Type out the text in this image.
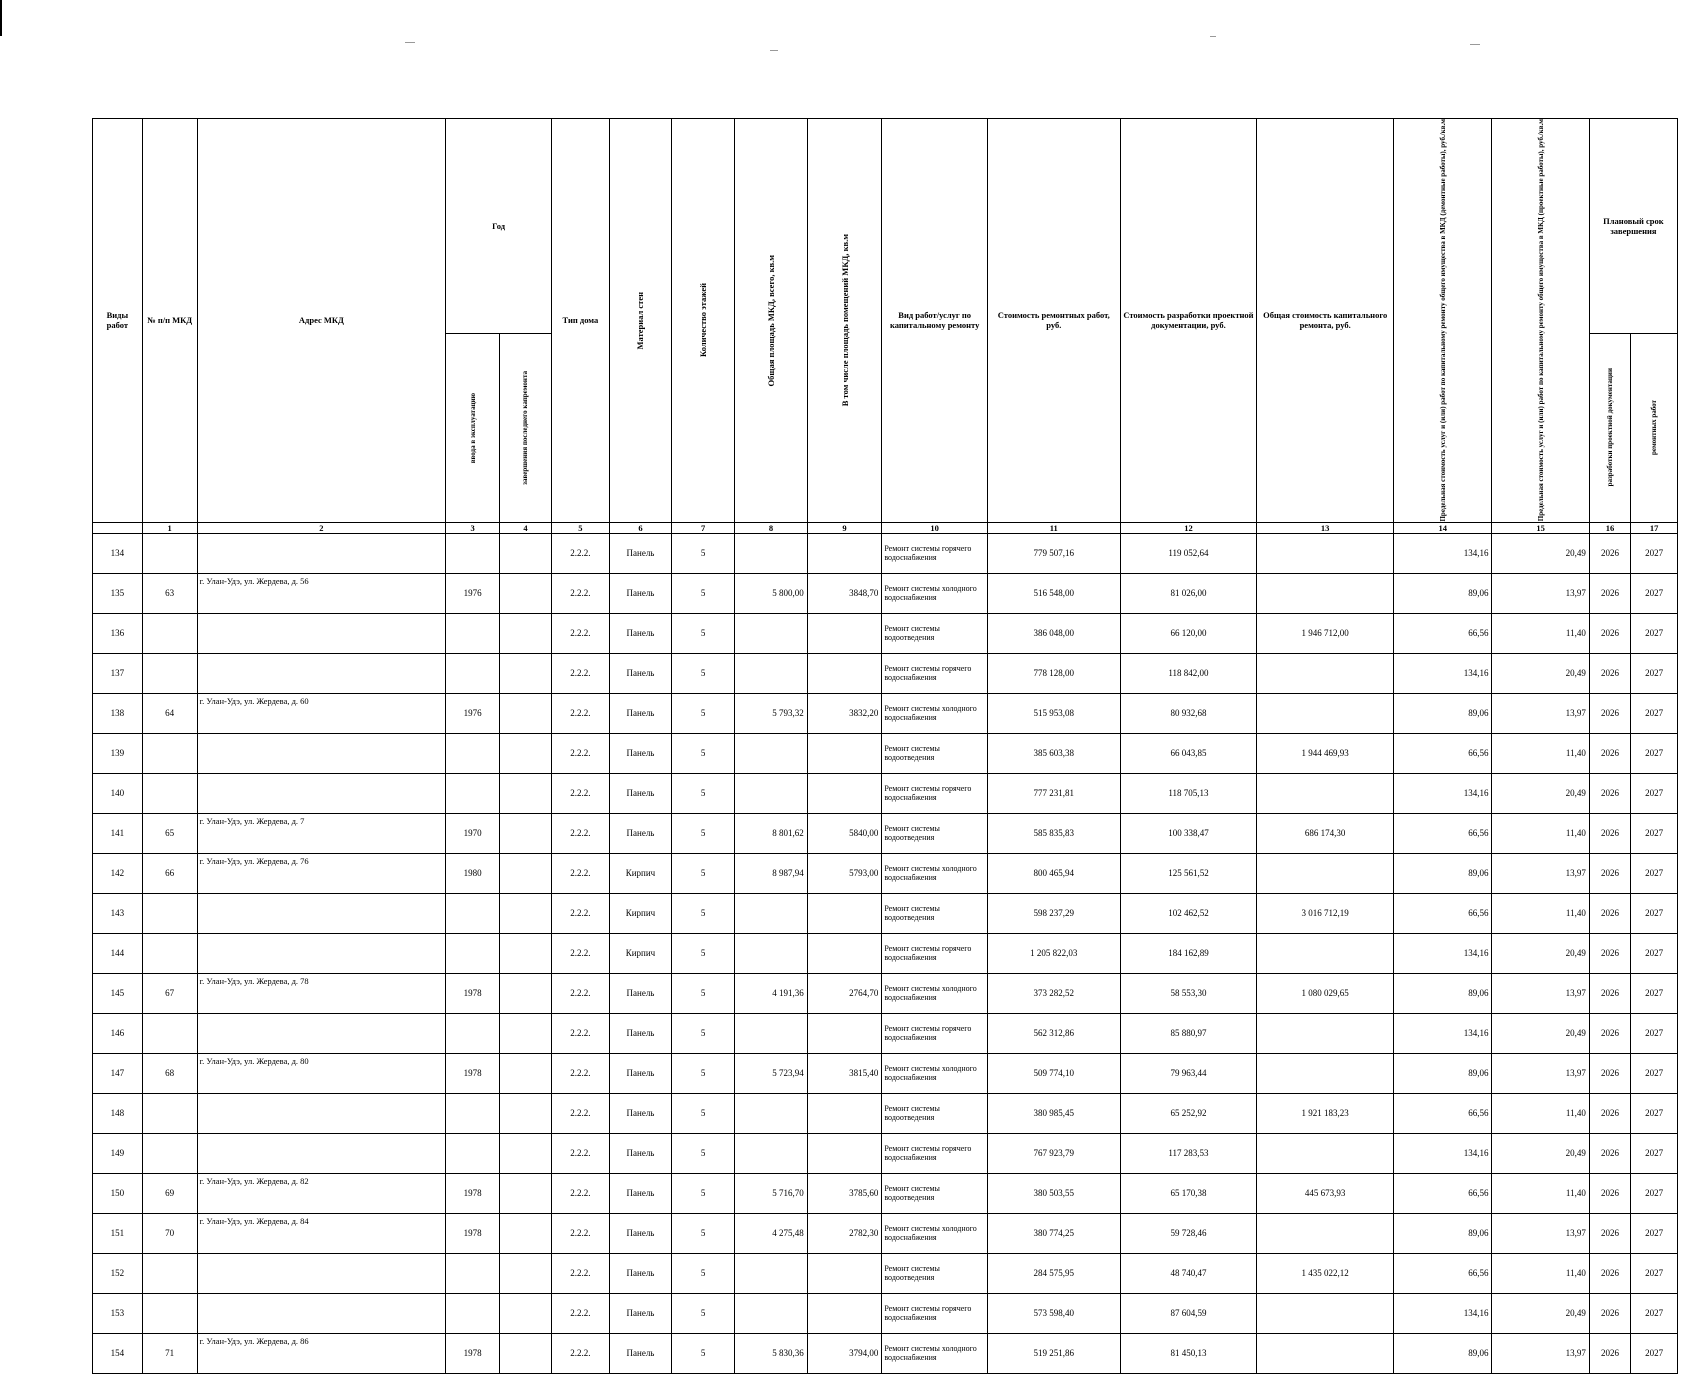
Виды работ	№ п/п МКД	Адрес МКД	Год		Тип дома	Материал стен	Количество этажей	Общая площадь МКД, всего, кв.м	В том числе площадь помещений МКД, кв.м	Вид работ/услуг по капитальному ремонту	Стоимость ремонтных работ, руб.	Стоимость разработки проектной документации, руб.	Общая стоимость капитального ремонта, руб.	Предельная стоимость услуг и (или) работ по капитальному ремонту общего имущества в МКД (демонтные работы), руб./кв.м	Предельная стоимость услуг и (или) работ по капитальному ремонту общего имущества в МКД (проектные работы), руб./кв.м	Плановый срок завершения	

			ввода в эксплуатацию	завершения последнего капремонта												разработки проектной документации	ремонтных работ

	1	2	3	4	5	6	7	8	9	10	11	12	13	14	15	16	17
134					2.2.2.	Панель	5			Ремонт системы горячего водоснабжения	779 507,16	119 052,64		134,16	20,49	2026	2027
135	63	г. Улан-Удэ, ул. Жердева, д. 56	1976		2.2.2.	Панель	5	5 800,00	3848,70	Ремонт системы холодного водоснабжения	516 548,00	81 026,00		89,06	13,97	2026	2027
136					2.2.2.	Панель	5			Ремонт системы водоотведения	386 048,00	66 120,00	1 946 712,00	66,56	11,40	2026	2027
137					2.2.2.	Панель	5			Ремонт системы горячего водоснабжения	778 128,00	118 842,00		134,16	20,49	2026	2027
138	64	г. Улан-Удэ, ул. Жердева, д. 60	1976		2.2.2.	Панель	5	5 793,32	3832,20	Ремонт системы холодного водоснабжения	515 953,08	80 932,68		89,06	13,97	2026	2027
139					2.2.2.	Панель	5			Ремонт системы водоотведения	385 603,38	66 043,85	1 944 469,93	66,56	11,40	2026	2027
140					2.2.2.	Панель	5			Ремонт системы горячего водоснабжения	777 231,81	118 705,13		134,16	20,49	2026	2027
141	65	г. Улан-Удэ, ул. Жердева, д. 7	1970		2.2.2.	Панель	5	8 801,62	5840,00	Ремонт системы водоотведения	585 835,83	100 338,47	686 174,30	66,56	11,40	2026	2027
142	66	г. Улан-Удэ, ул. Жердева, д. 76	1980		2.2.2.	Кирпич	5	8 987,94	5793,00	Ремонт системы холодного водоснабжения	800 465,94	125 561,52		89,06	13,97	2026	2027
143					2.2.2.	Кирпич	5			Ремонт системы водоотведения	598 237,29	102 462,52	3 016 712,19	66,56	11,40	2026	2027
144					2.2.2.	Кирпич	5			Ремонт системы горячего водоснабжения	1 205 822,03	184 162,89		134,16	20,49	2026	2027
145	67	г. Улан-Удэ, ул. Жердева, д. 78	1978		2.2.2.	Панель	5	4 191,36	2764,70	Ремонт системы холодного водоснабжения	373 282,52	58 553,30	1 080 029,65	89,06	13,97	2026	2027
146					2.2.2.	Панель	5			Ремонт системы горячего водоснабжения	562 312,86	85 880,97		134,16	20,49	2026	2027
147	68	г. Улан-Удэ, ул. Жердева, д. 80	1978		2.2.2.	Панель	5	5 723,94	3815,40	Ремонт системы холодного водоснабжения	509 774,10	79 963,44		89,06	13,97	2026	2027
148					2.2.2.	Панель	5			Ремонт системы водоотведения	380 985,45	65 252,92	1 921 183,23	66,56	11,40	2026	2027
149					2.2.2.	Панель	5			Ремонт системы горячего водоснабжения	767 923,79	117 283,53		134,16	20,49	2026	2027
150	69	г. Улан-Удэ, ул. Жердева, д. 82	1978		2.2.2.	Панель	5	5 716,70	3785,60	Ремонт системы водоотведения	380 503,55	65 170,38	445 673,93	66,56	11,40	2026	2027
151	70	г. Улан-Удэ, ул. Жердева, д. 84	1978		2.2.2.	Панель	5	4 275,48	2782,30	Ремонт системы холодного водоснабжения	380 774,25	59 728,46		89,06	13,97	2026	2027
152					2.2.2.	Панель	5			Ремонт системы водоотведения	284 575,95	48 740,47	1 435 022,12	66,56	11,40	2026	2027
153					2.2.2.	Панель	5			Ремонт системы горячего водоснабжения	573 598,40	87 604,59		134,16	20,49	2026	2027
154	71	г. Улан-Удэ, ул. Жердева, д. 86	1978		2.2.2.	Панель	5	5 830,36	3794,00	Ремонт системы холодного водоснабжения	519 251,86	81 450,13		89,06	13,97	2026	2027
